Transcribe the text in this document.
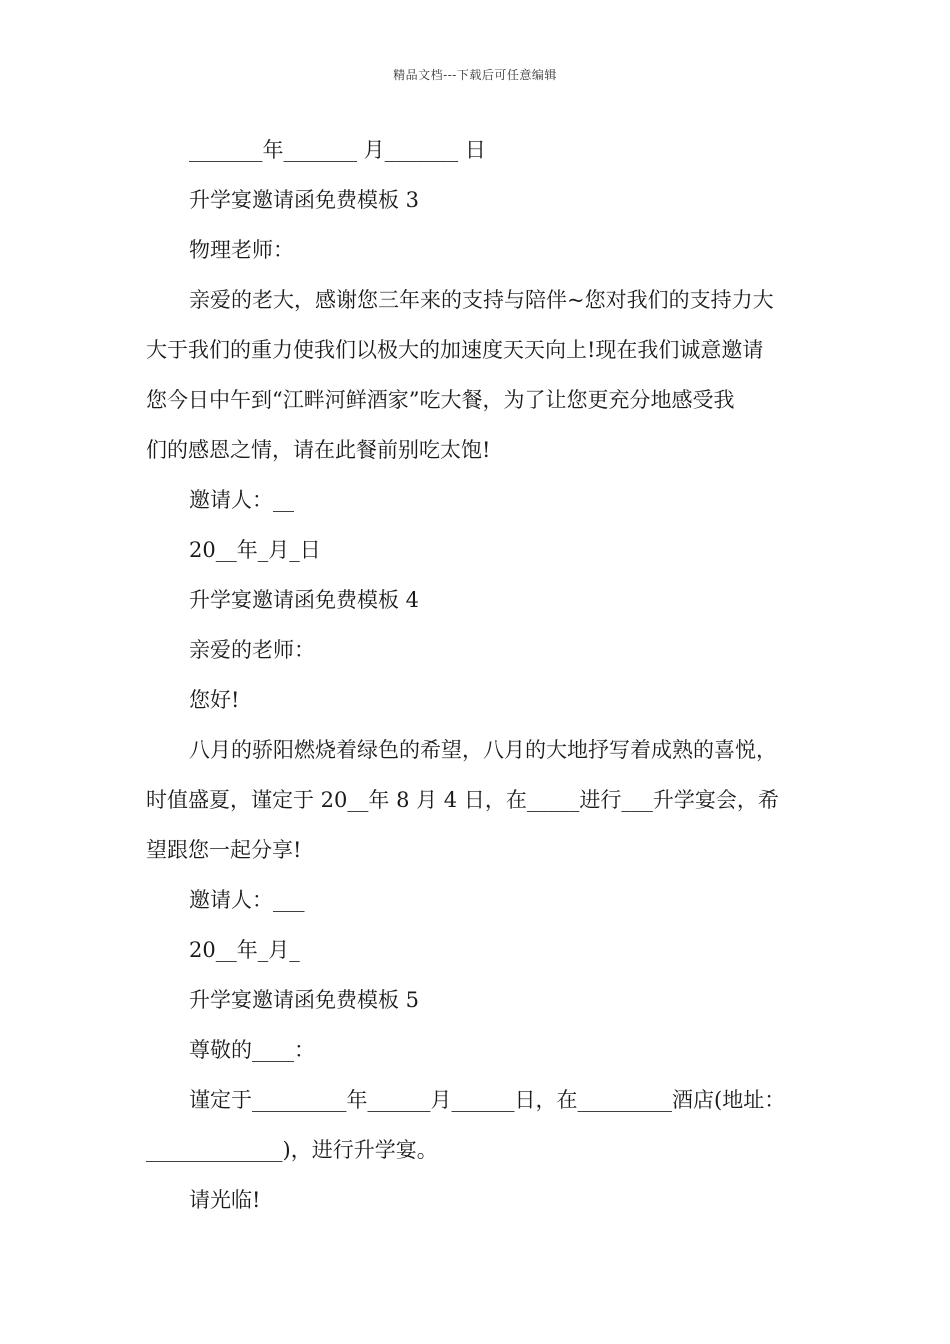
精品文档---下载后可任意编辑
_______年_______ 月_______ 日
升学宴邀请函免费模板 3
物理老师：
亲爱的老大，感谢您三年来的支持与陪伴~您对我们的支持力大
大于我们的重力使我们以极大的加速度天天向上!现在我们诚意邀请
您今日中午到“江畔河鲜酒家”吃大餐，为了让您更充分地感受我
们的感恩之情，请在此餐前别吃太饱!
邀请人：__
20__年_月_日
升学宴邀请函免费模板 4
亲爱的老师：
您好!
八月的骄阳燃烧着绿色的希望，八月的大地抒写着成熟的喜悦，
时值盛夏，谨定于 20__年 8 月 4 日，在_____进行___升学宴会，希
望跟您一起分享!
邀请人：___
20__年_月_
升学宴邀请函免费模板 5
尊敬的____：
谨定于_________年______月______日，在_________酒店(地址：
_____________)，进行升学宴。
请光临!
